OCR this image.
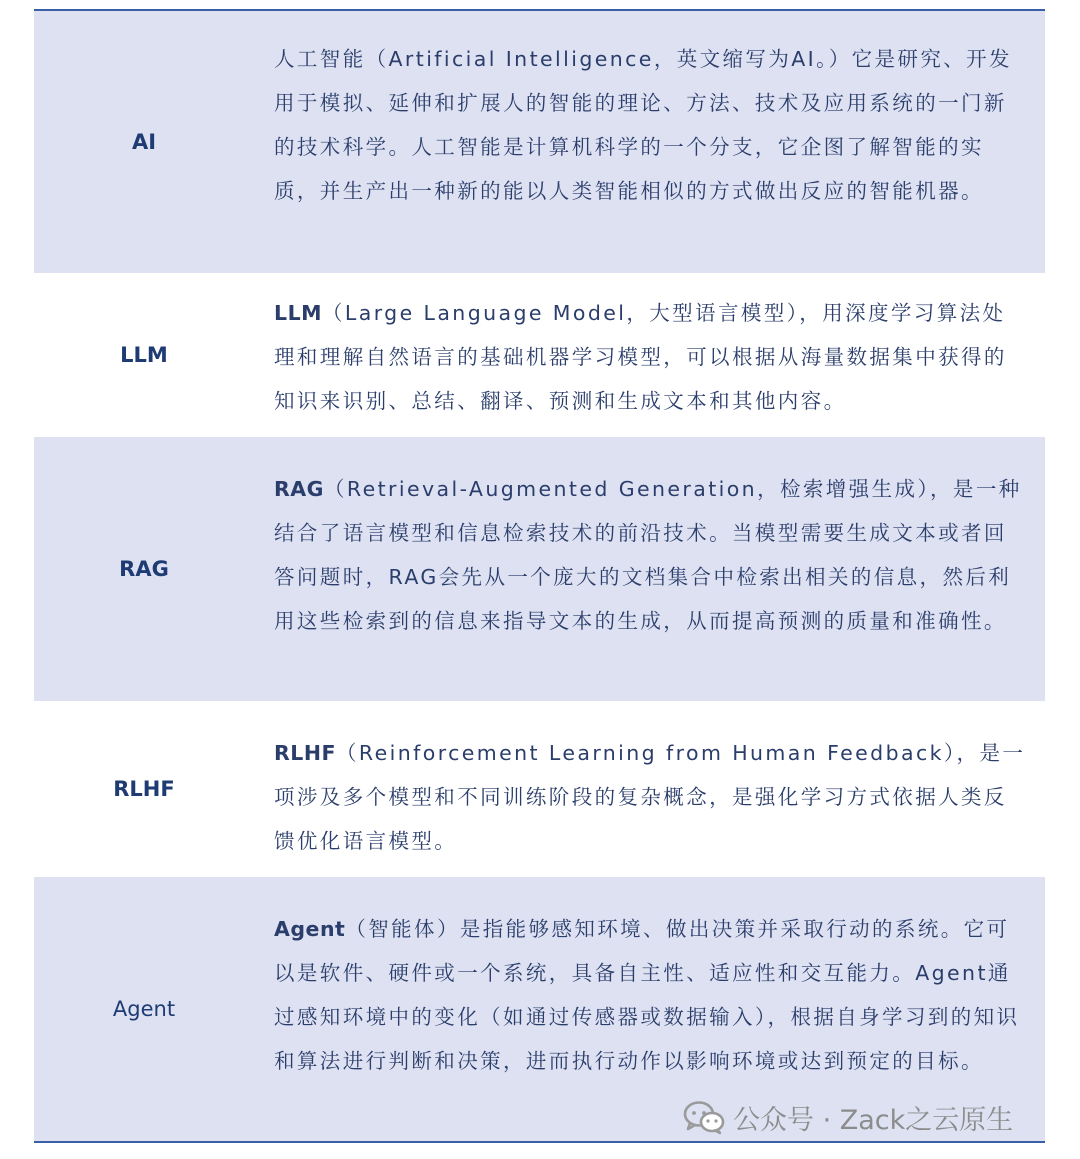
AI
人工智能（Artificial Intelligence，英文缩写为AI。）它是研究、开发用于模拟、延伸和扩展人的智能的理论、方法、技术及应用系统的一门新的技术科学。人工智能是计算机科学的一个分支，它企图了解智能的实质，并生产出一种新的能以人类智能相似的方式做出反应的智能机器。
LLM
LLM（Large Language Model，大型语言模型），用深度学习算法处理和理解自然语言的基础机器学习模型，可以根据从海量数据集中获得的知识来识别、总结、翻译、预测和生成文本和其他内容。
RAG
RAG（Retrieval-Augmented Generation，检索增强生成），是一种结合了语言模型和信息检索技术的前沿技术。当模型需要生成文本或者回答问题时，RAG会先从一个庞大的文档集合中检索出相关的信息，然后利用这些检索到的信息来指导文本的生成，从而提高预测的质量和准确性。
RLHF
RLHF（Reinforcement Learning from Human Feedback），是一项涉及多个模型和不同训练阶段的复杂概念，是强化学习方式依据人类反馈优化语言模型。
Agent
Agent（智能体）是指能够感知环境、做出决策并采取行动的系统。它可以是软件、硬件或一个系统，具备自主性、适应性和交互能力。Agent通过感知环境中的变化（如通过传感器或数据输入），根据自身学习到的知识和算法进行判断和决策，进而执行动作以影响环境或达到预定的目标。
公众号 · Zack之云原生
